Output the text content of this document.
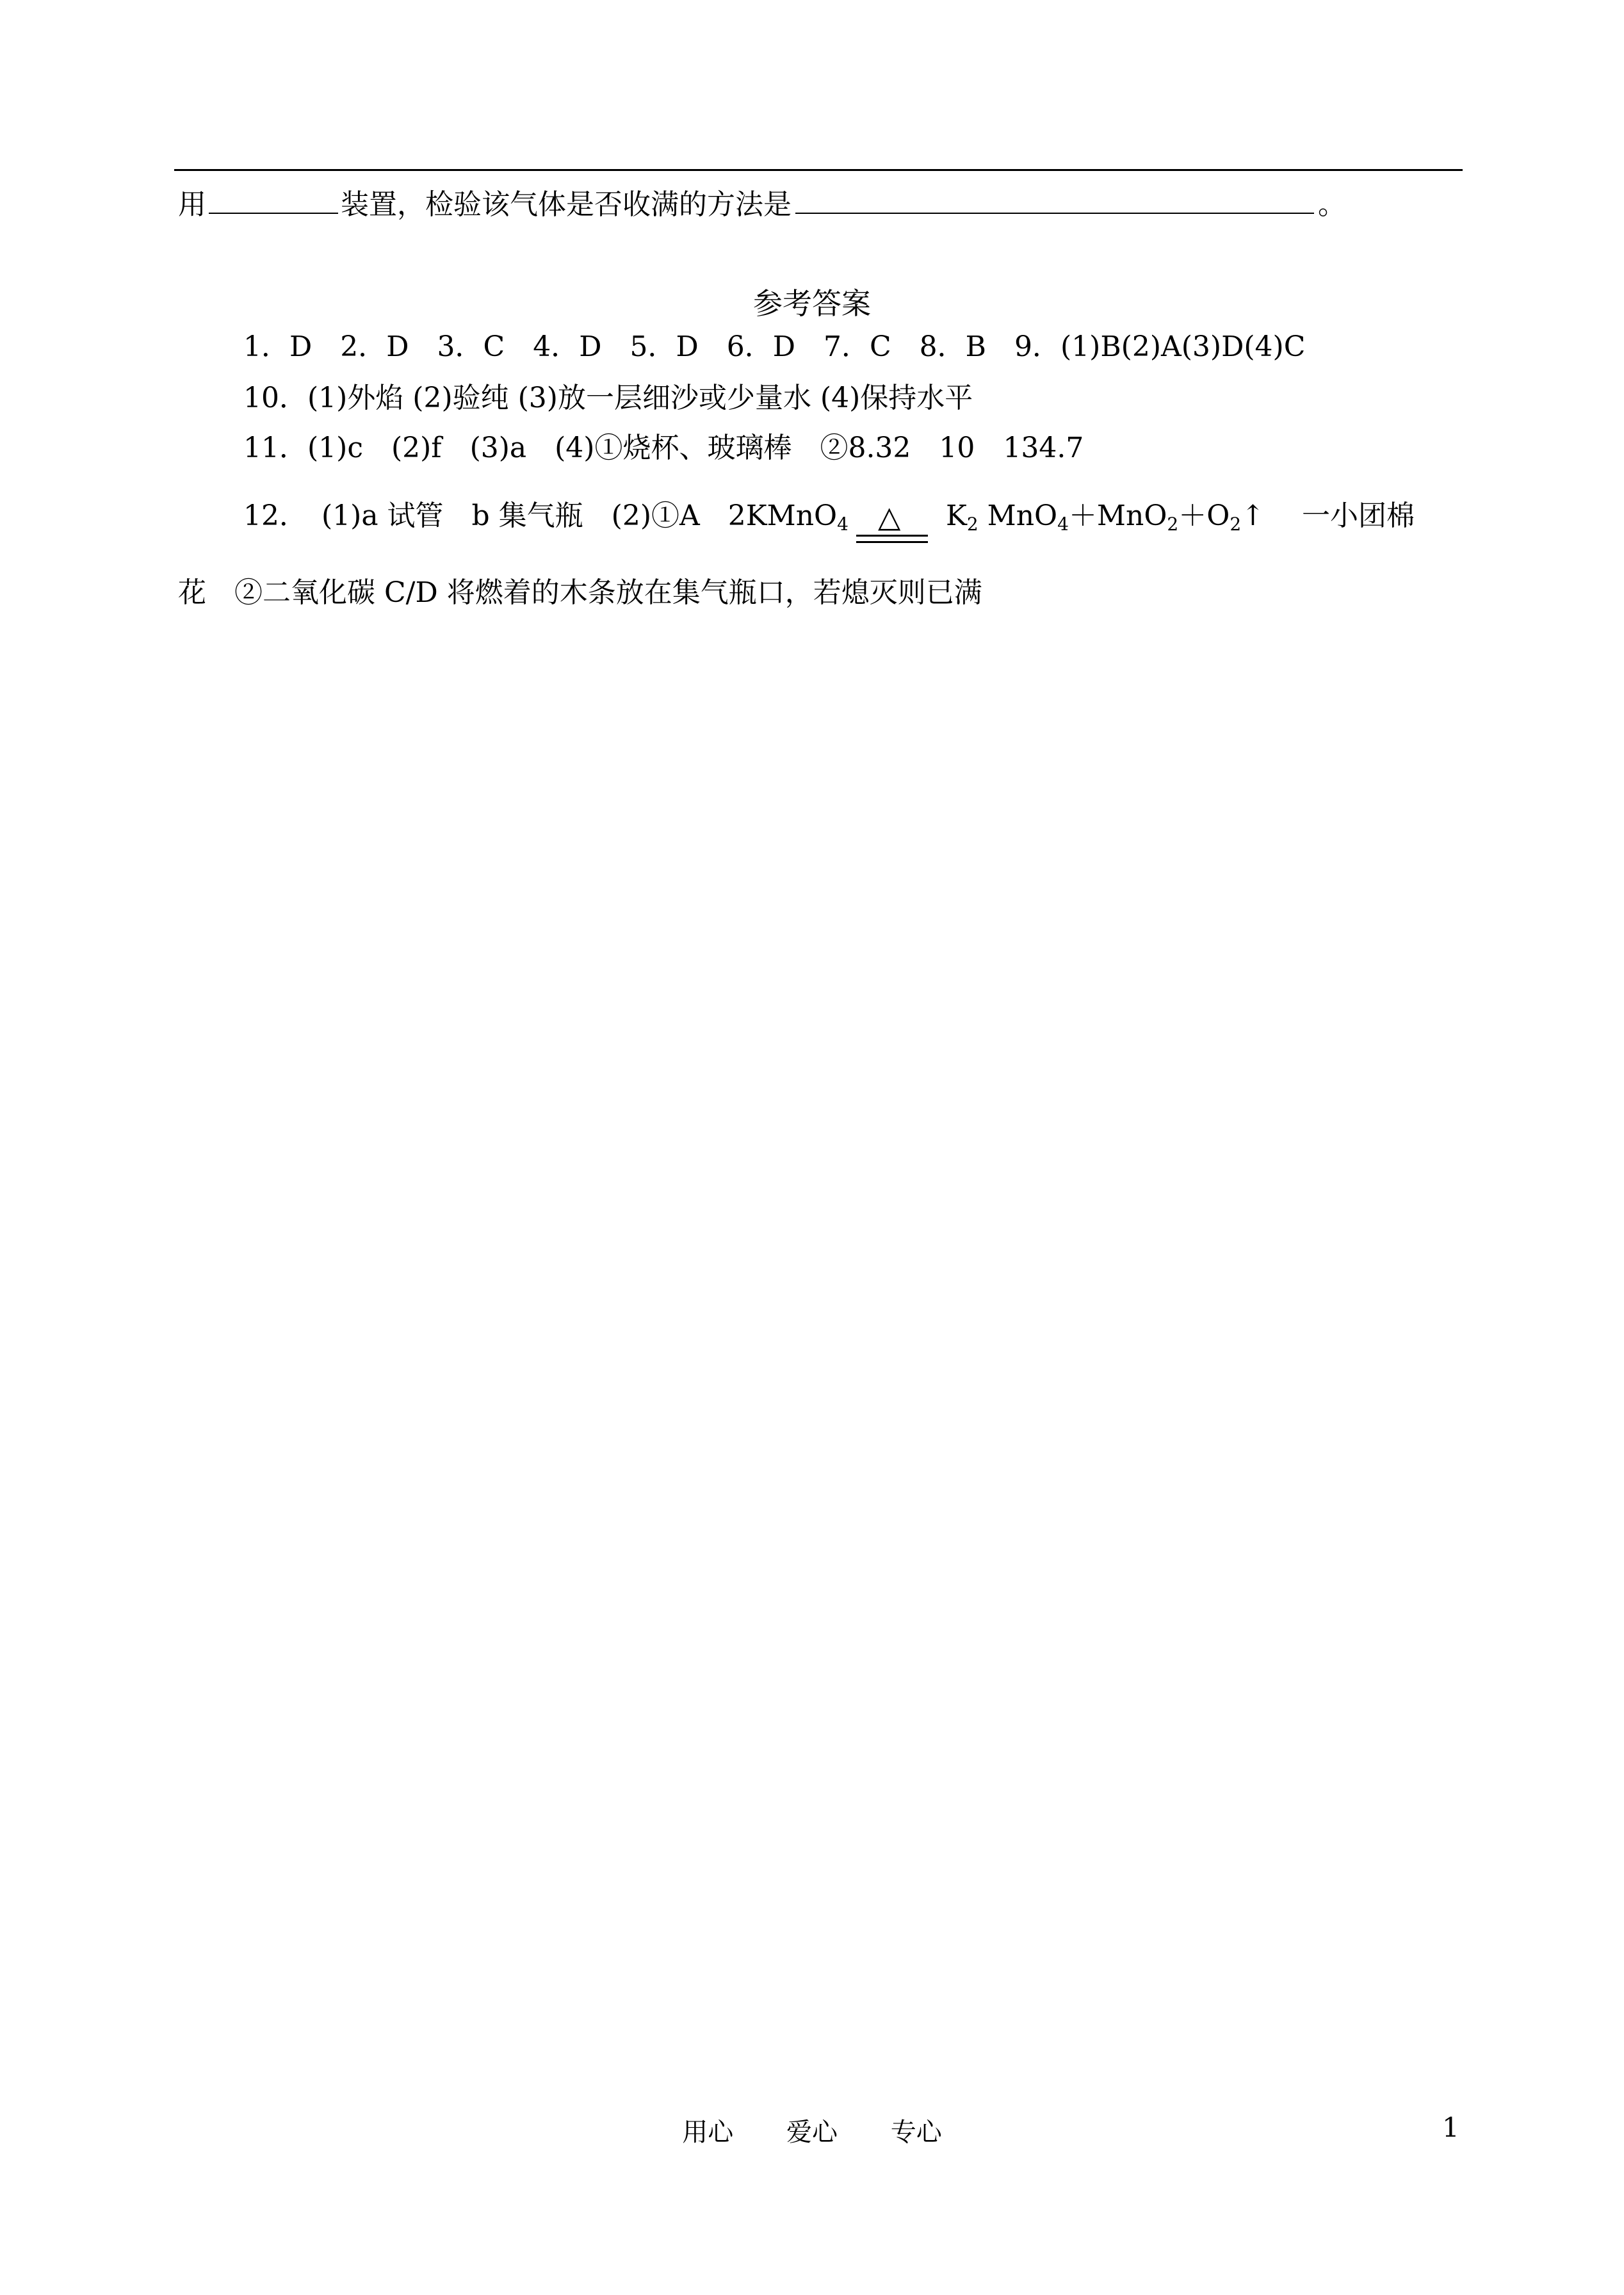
用	装置，检验该气体是否收满的方法是	。
参考答案
1．D　2．D　3．C　4．D　5．D　6．D　7．C　8．B　9．(1)B(2)A(3)D(4)C
10．(1)外焰 (2)验纯 (3)放一层细沙或少量水 (4)保持水平
11．(1)c　(2)f　(3)a　(4)①烧杯、玻璃棒　②8.32　10　134.7
12．　(1)a 试管　b 集气瓶　(2)①A　2KMnO$_4$ △ $K_2$ $MnO_4+MnO_2+O_2↑$　 一小团棉
花　②二氧化碳 C/D 将燃着的木条放在集气瓶口，若熄灭则已满
用心 爱心 专心	1
